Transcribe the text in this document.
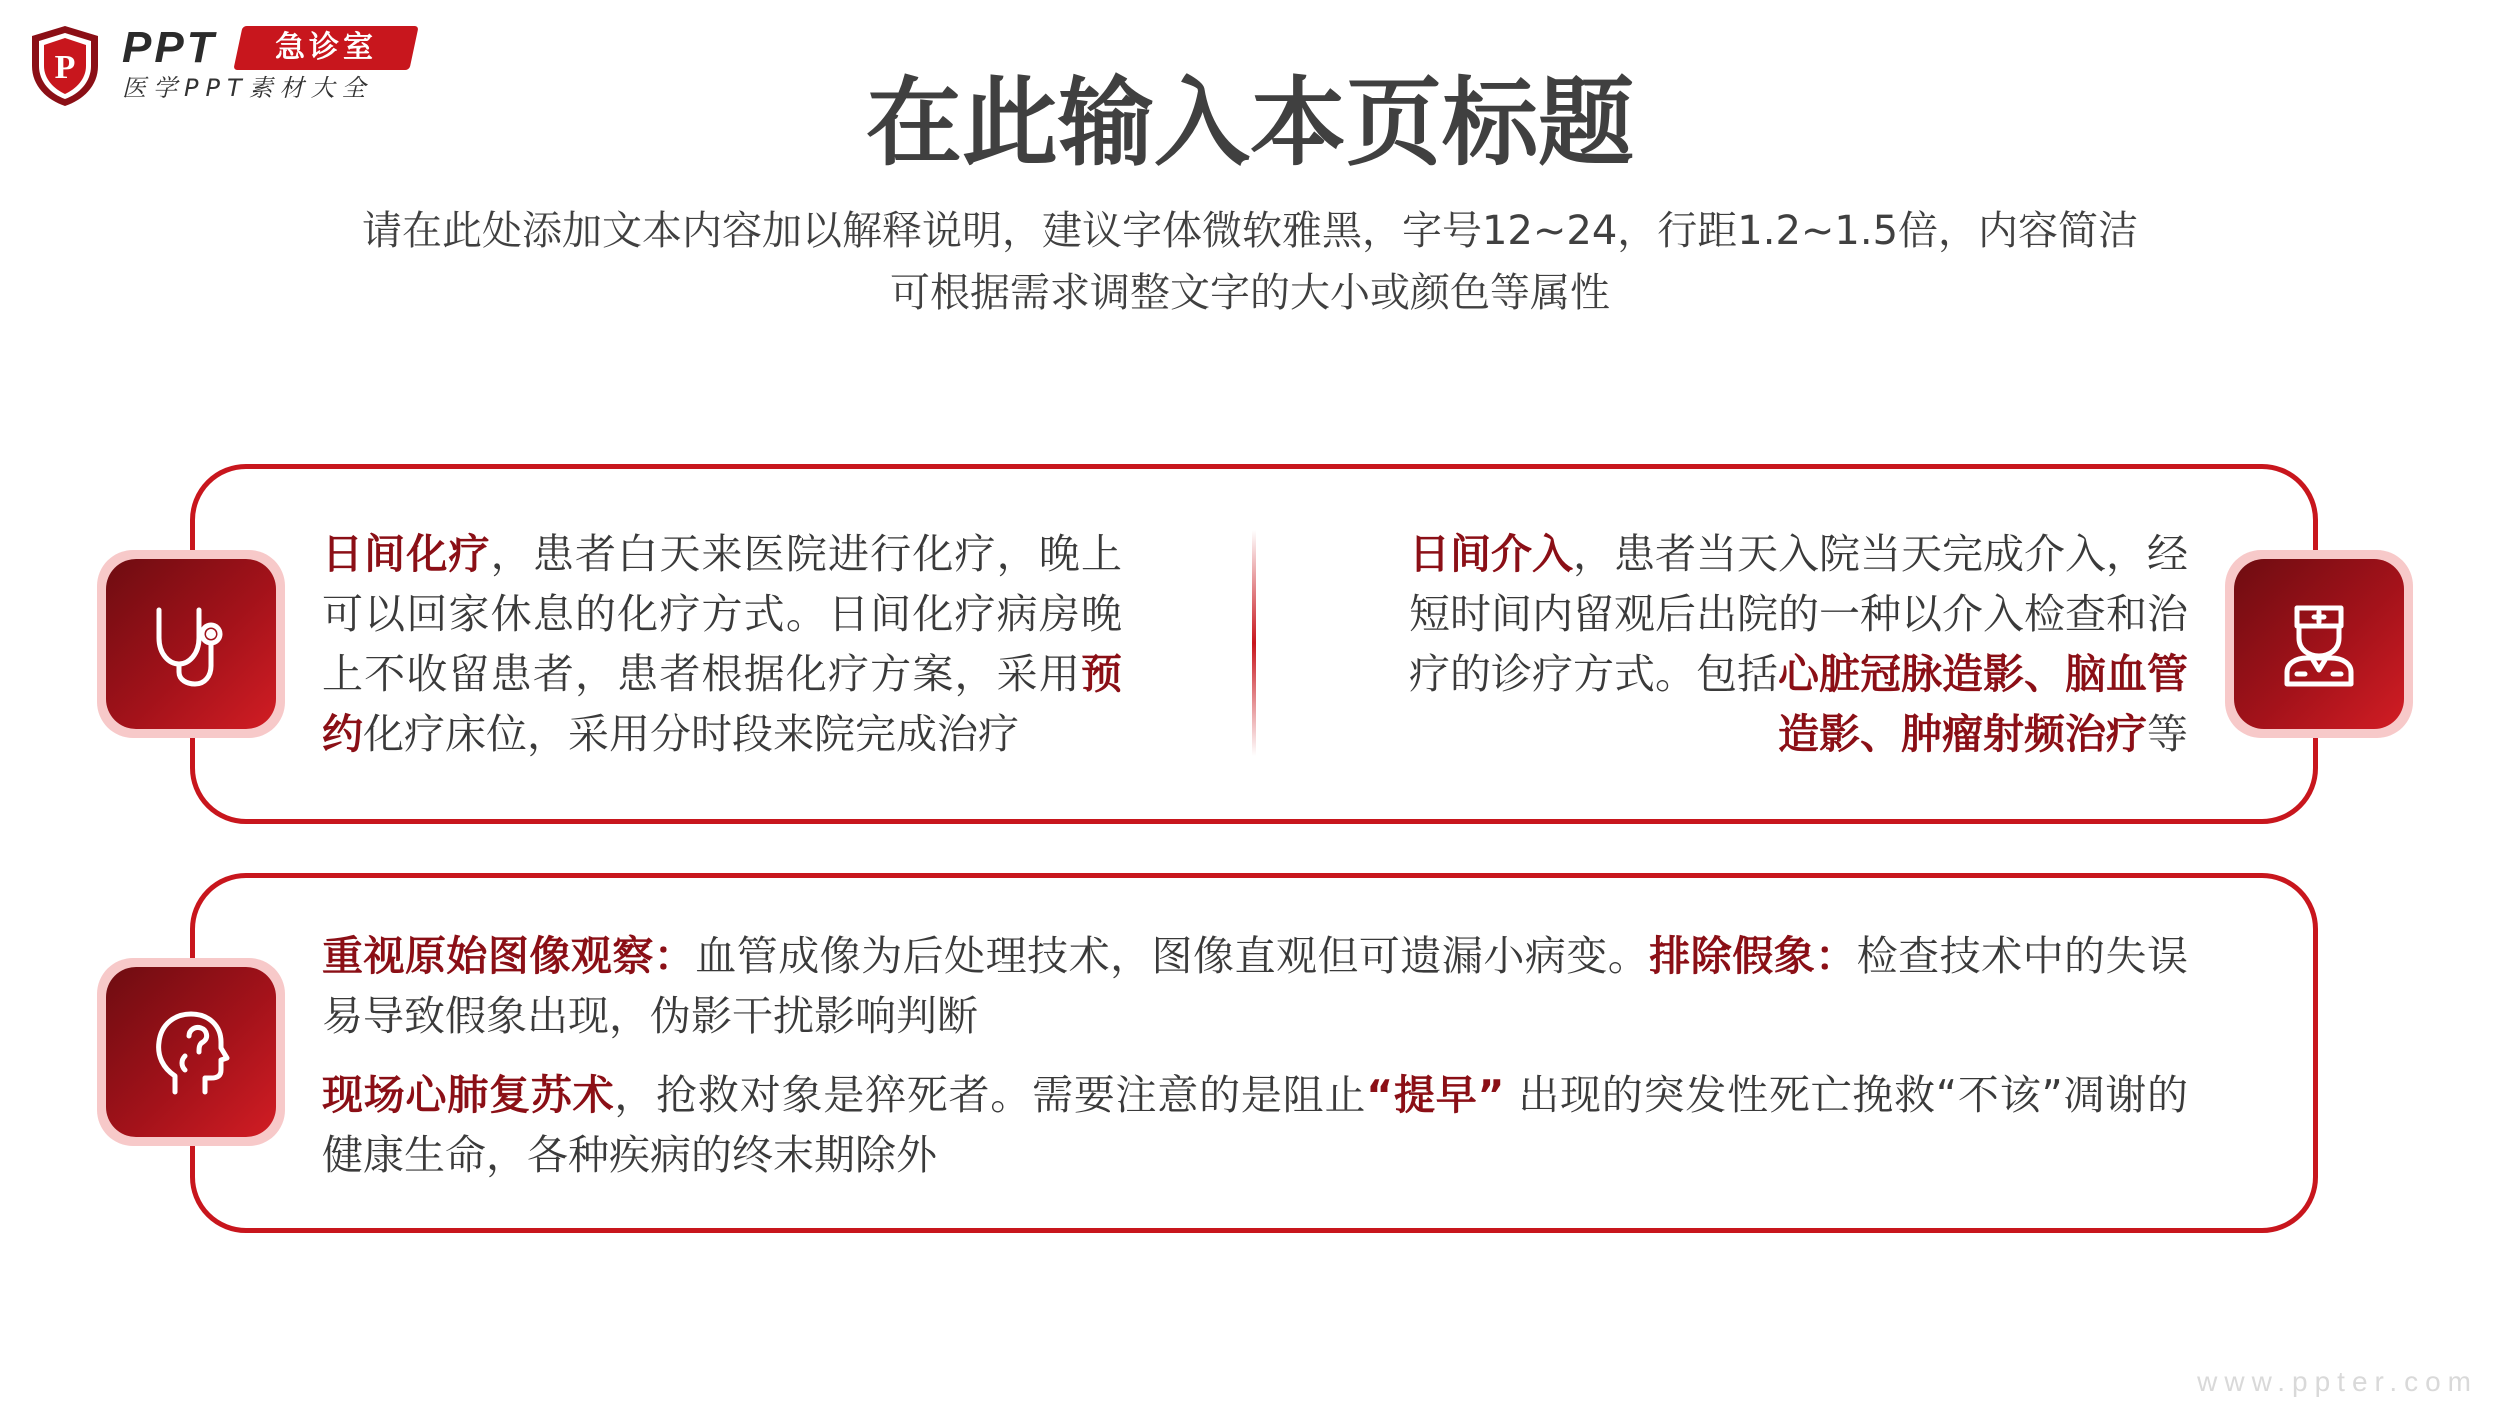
P PPT	急诊室
医学PPT素材大全	在此输入本页标题
请在此处添加文本内容加以解释说明，建议字体微软雅黑，字号12~24，行距1.2~1.5倍，内容简洁
可根据需求调整文字的大小或颜色等属性
日间化疗，患者白天来医院进行化疗，晚上可以回家休息的化疗方式。日间化疗病房晚上不收留患者，患者根据化疗方案，采用预约化疗床位，采用分时段来院完成治疗
日间介入，患者当天入院当天完成介入，经短时间内留观后出院的一种以介入检查和治疗的诊疗方式。包括心脏冠脉造影、脑血管造影、肿瘤射频治疗等
重视原始图像观察：血管成像为后处理技术，图像直观但可遗漏小病变。排除假象：检查技术中的失误易导致假象出现，伪影干扰影响判断
现场心肺复苏术，抢救对象是猝死者。需要注意的是阻止“提早” 出现的突发性死亡挽救“不该”凋谢的健康生命，各种疾病的终末期除外
www.ppter.com
